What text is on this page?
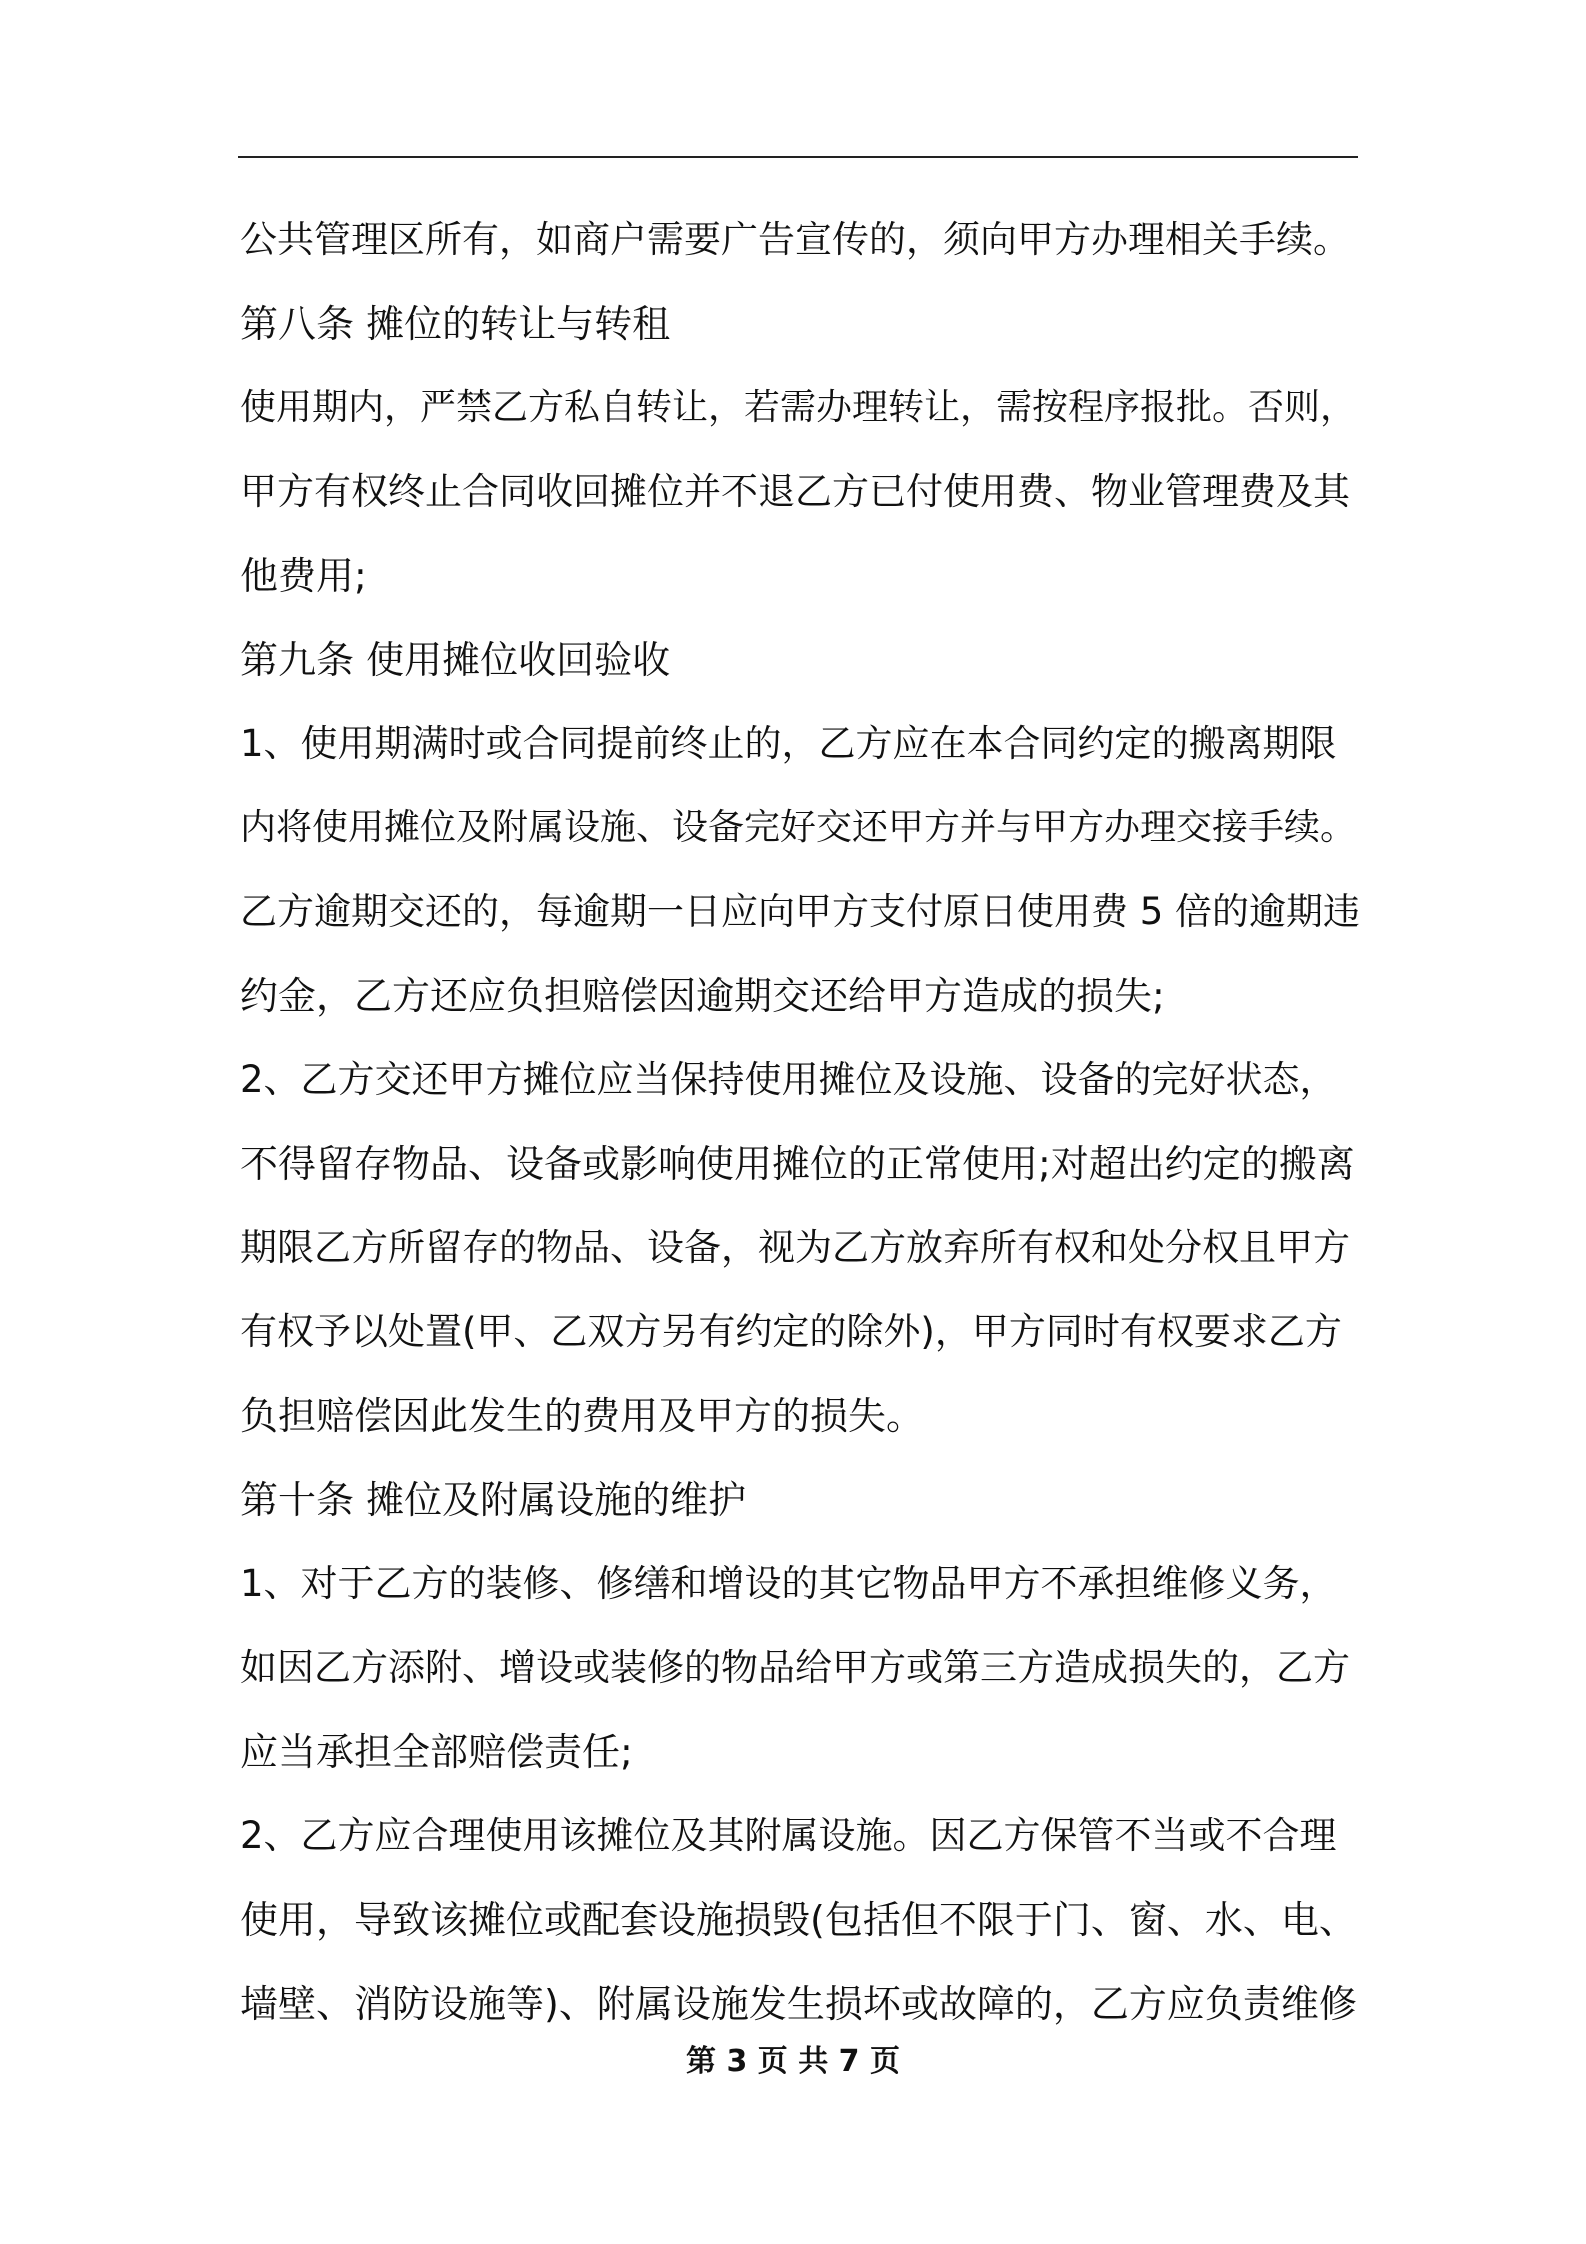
公共管理区所有，如商户需要广告宣传的，须向甲方办理相关手续。
第八条 摊位的转让与转租
使用期内，严禁乙方私自转让，若需办理转让，需按程序报批。否则，
甲方有权终止合同收回摊位并不退乙方已付使用费、物业管理费及其
他费用;
第九条 使用摊位收回验收
1、使用期满时或合同提前终止的，乙方应在本合同约定的搬离期限
内将使用摊位及附属设施、设备完好交还甲方并与甲方办理交接手续。
乙方逾期交还的，每逾期一日应向甲方支付原日使用费 5 倍的逾期违
约金，乙方还应负担赔偿因逾期交还给甲方造成的损失;
2、乙方交还甲方摊位应当保持使用摊位及设施、设备的完好状态，
不得留存物品、设备或影响使用摊位的正常使用;对超出约定的搬离
期限乙方所留存的物品、设备，视为乙方放弃所有权和处分权且甲方
有权予以处置(甲、乙双方另有约定的除外)，甲方同时有权要求乙方
负担赔偿因此发生的费用及甲方的损失。
第十条 摊位及附属设施的维护
1、对于乙方的装修、修缮和增设的其它物品甲方不承担维修义务，
如因乙方添附、增设或装修的物品给甲方或第三方造成损失的，乙方
应当承担全部赔偿责任;
2、乙方应合理使用该摊位及其附属设施。因乙方保管不当或不合理
使用，导致该摊位或配套设施损毁(包括但不限于门、窗、水、电、
墙壁、消防设施等)、附属设施发生损坏或故障的，乙方应负责维修
第 3 页 共 7 页
